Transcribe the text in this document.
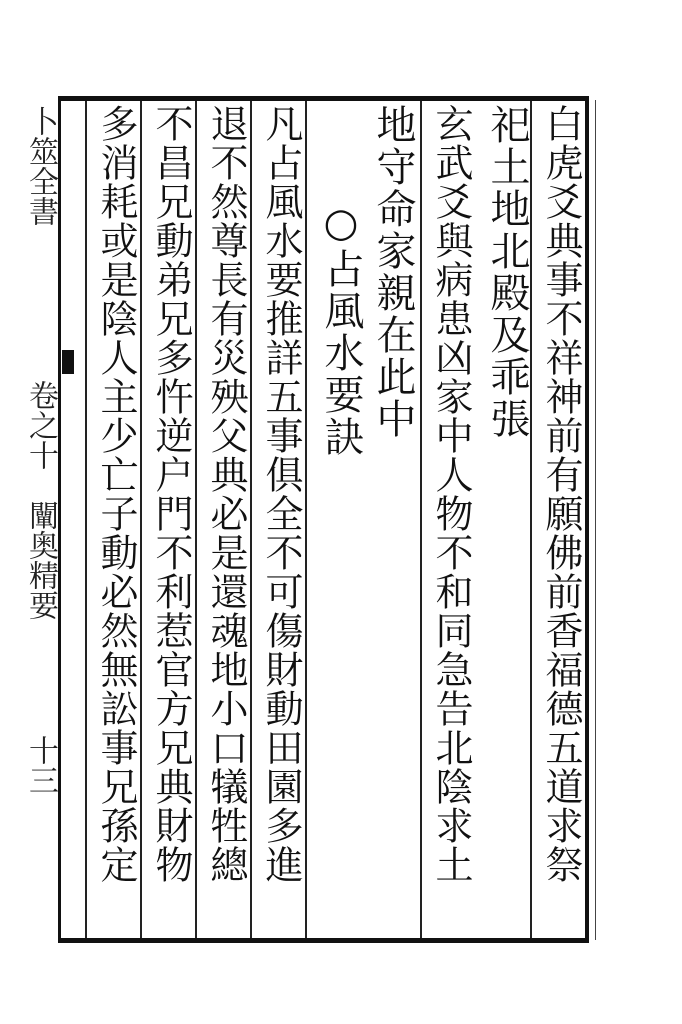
白虎爻典事不祥神前有願佛前香福德五道求祭
祀土地北殿及乖張
玄武爻與病患凶家中人物不和同急告北陰求土
地守命家親在此中
○占風水要訣
凡占風水要推詳五事俱全不可傷財動田園多進
退不然尊長有災殃父典必是還魂地小口犠牲總
不昌兄動弟兄多忤逆户門不利惹官方兄典財物
多消耗或是陰人主少亡子動必然無訟事兄孫定
卜筮全書
卷之十
闡奥精要
十三
